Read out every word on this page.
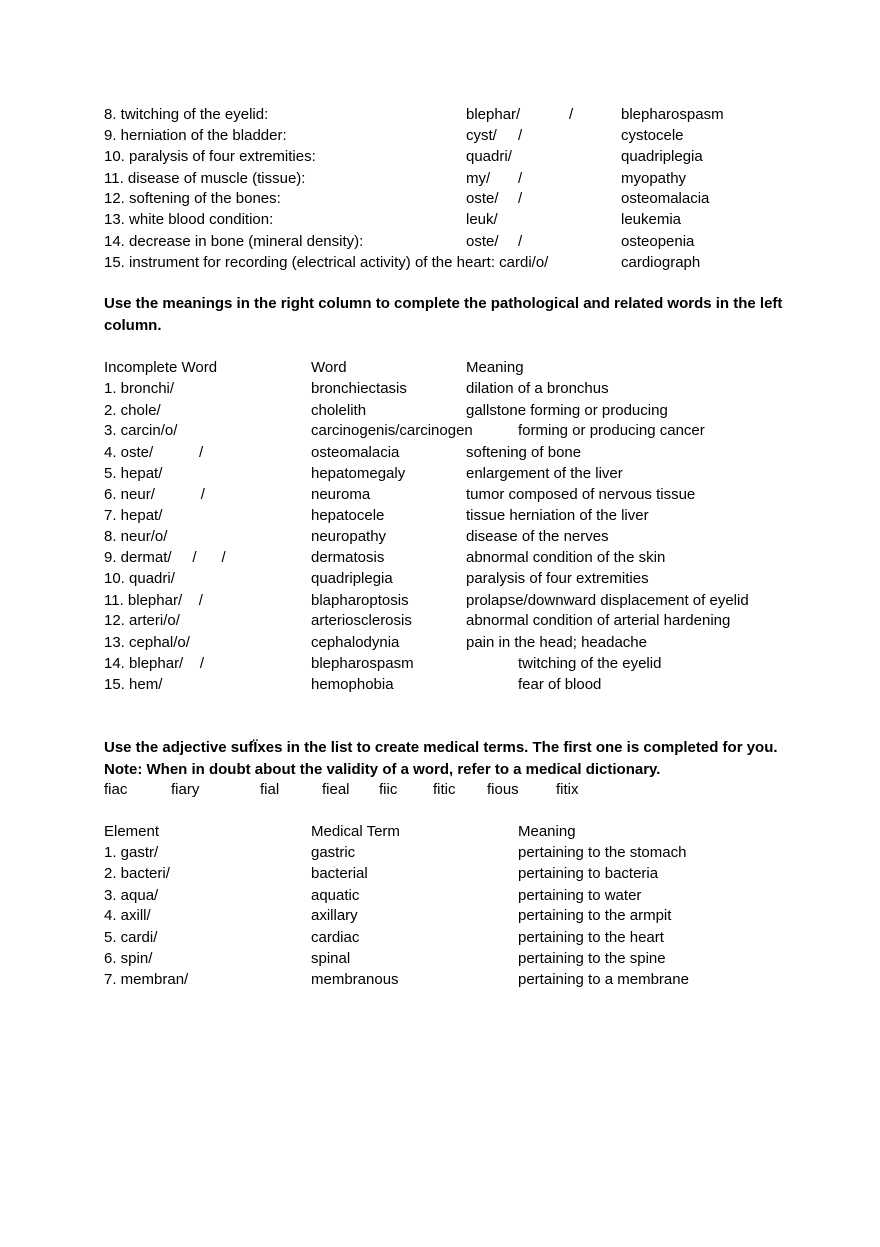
8. twitching of the eyelid:	blephar/	/	blepharospasm
9. herniation of the bladder:	cyst/ /	cystocele
10. paralysis of four extremities:	quadri/	quadriplegia
11. disease of muscle (tissue):	my/ /	myopathy
12. softening of the bones:	oste/ /	osteomalacia
13. white blood condition:	leuk/	leukemia
14. decrease in bone (mineral density):	oste/ /	osteopenia
15. instrument for recording (electrical activity) of the heart: cardi/o/	cardiograph
Use the meanings in the right column to complete the pathological and related words in the left column.
Incomplete Word	Word	Meaning
1. bronchi/	bronchiectasis	dilation of a bronchus
2. chole/	cholelith	gallstone forming or producing
3. carcin/o/	carcinogenis/carcinogen	forming or producing cancer
4. oste/           /	osteomalacia	softening of bone
5. hepat/	hepatomegaly	enlargement of the liver
6. neur/           /	neuroma	tumor composed of nervous tissue
7. hepat/	hepatocele	tissue herniation of the liver
8. neur/o/	neuropathy	disease of the nerves
9. dermat/     /      /	dermatosis	abnormal condition of the skin
10. quadri/	quadriplegia	paralysis of four extremities
11. blephar/    /	blapharoptosis	prolapse/downward displacement of eyelid
12. arteri/o/	arteriosclerosis	abnormal condition of arterial hardening
13. cephal/o/	cephalodynia	pain in the head; headache
14. blephar/    /	blepharospasm	twitching of the eyelid
15. hem/	hemophobia	fear of blood
Use the adjective sufÏxes in the list to create medical terms. The first one is completed for you. Note: When in doubt about the validity of a word, refer to a medical dictionary.
fiac	fiary	fial	fieal fiic fitic fious fitix
Element	Medical Term	Meaning
1. gastr/	gastric	pertaining to the stomach
2. bacteri/	bacterial	pertaining to bacteria
3. aqua/	aquatic	pertaining to water
4. axill/	axillary	pertaining to the armpit
5. cardi/	cardiac	pertaining to the heart
6. spin/	spinal	pertaining to the spine
7. membran/	membranous	pertaining to a membrane
